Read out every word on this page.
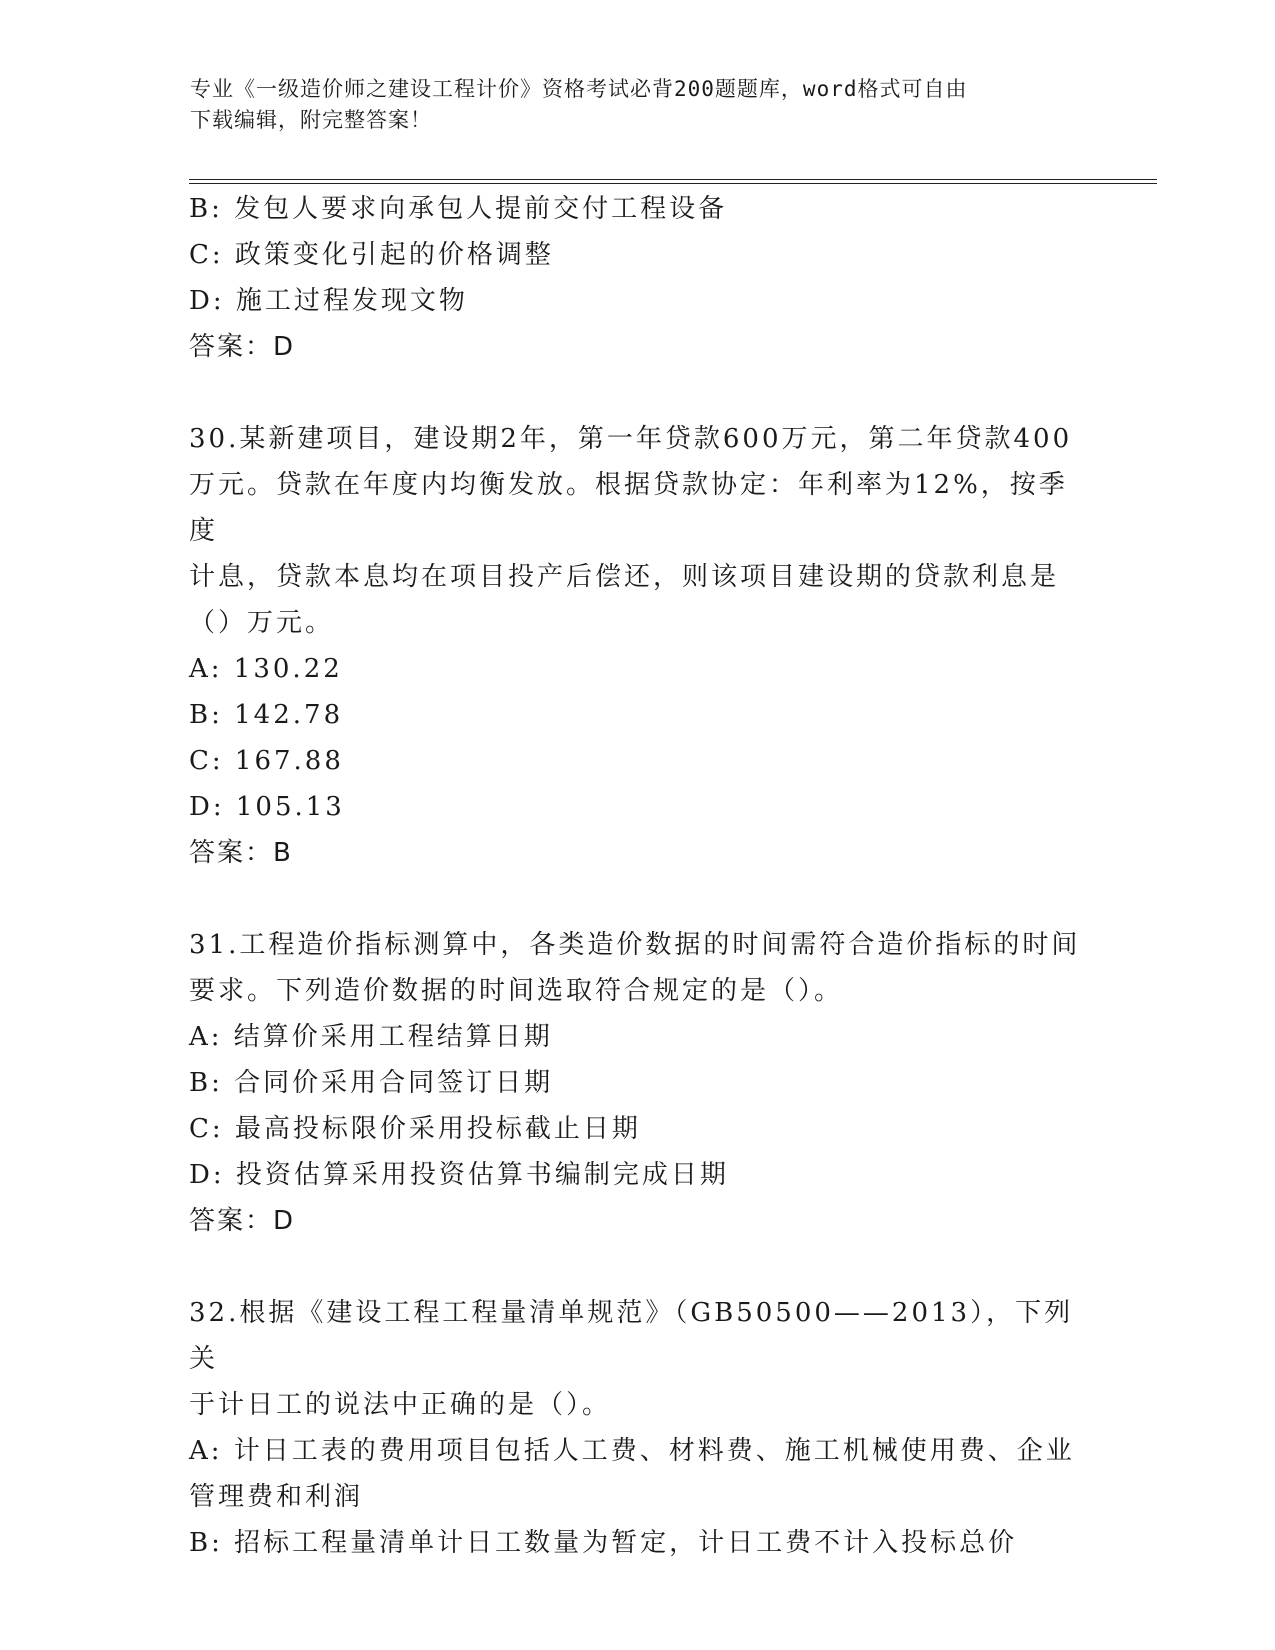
专业《一级造价师之建设工程计价》资格考试必背200题题库，word格式可自由
下载编辑，附完整答案！
B: 发包人要求向承包人提前交付工程设备
C: 政策变化引起的价格调整
D: 施工过程发现文物
答案：D
30.某新建项目，建设期2年，第一年贷款600万元，第二年贷款400
万元。贷款在年度内均衡发放。根据贷款协定：年利率为12%，按季度
计息，贷款本息均在项目投产后偿还，则该项目建设期的贷款利息是
（）万元。
A: 130.22
B: 142.78
C: 167.88
D: 105.13
答案：B
31.工程造价指标测算中，各类造价数据的时间需符合造价指标的时间
要求。下列造价数据的时间选取符合规定的是（）。
A: 结算价采用工程结算日期
B: 合同价采用合同签订日期
C: 最高投标限价采用投标截止日期
D: 投资估算采用投资估算书编制完成日期
答案：D
32.根据《建设工程工程量清单规范》（GB50500——2013），下列关
于计日工的说法中正确的是（）。
A: 计日工表的费用项目包括人工费、材料费、施工机械使用费、企业
管理费和利润
B: 招标工程量清单计日工数量为暂定，计日工费不计入投标总价
